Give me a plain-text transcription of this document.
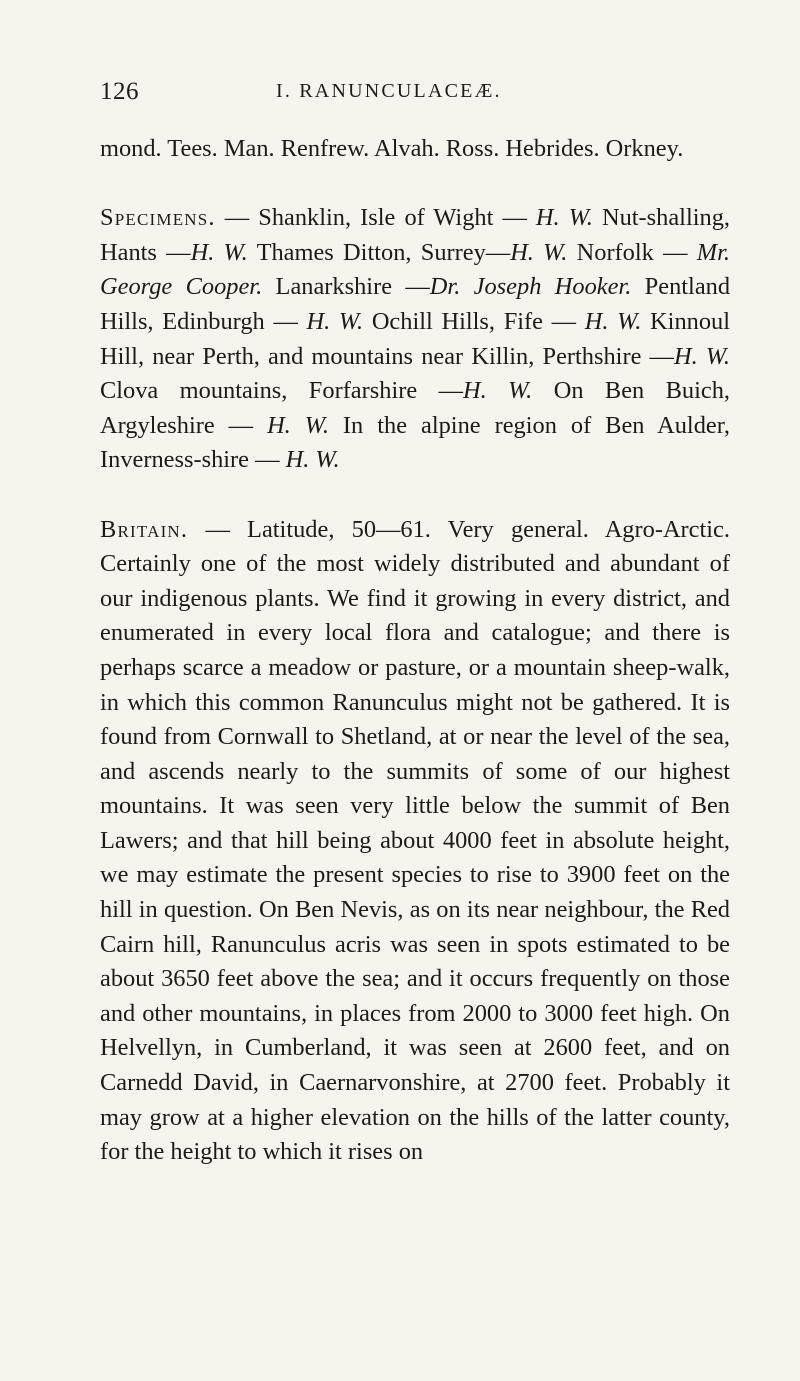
126	I. RANUNCULACEÆ.

mond. Tees. Man. Renfrew. Alvah. Ross. Hebrides. Orkney.

Specimens. — Shanklin, Isle of Wight — H. W. Nut-shalling, Hants —H. W. Thames Ditton, Surrey—H. W. Norfolk — Mr. George Cooper. Lanarkshire —Dr. Joseph Hooker. Pentland Hills, Edinburgh — H. W. Ochill Hills, Fife — H. W. Kinnoul Hill, near Perth, and mountains near Killin, Perthshire —H. W. Clova mountains, Forfarshire —H. W. On Ben Buich, Argyleshire — H. W. In the alpine region of Ben Aulder, Inverness-shire — H. W.

Britain. — Latitude, 50—61. Very general. Agro-Arctic. Certainly one of the most widely distributed and abundant of our indigenous plants. We find it growing in every district, and enumerated in every local flora and catalogue; and there is perhaps scarce a meadow or pasture, or a mountain sheep-walk, in which this common Ranunculus might not be gathered. It is found from Cornwall to Shetland, at or near the level of the sea, and ascends nearly to the summits of some of our highest mountains. It was seen very little below the summit of Ben Lawers; and that hill being about 4000 feet in absolute height, we may estimate the present species to rise to 3900 feet on the hill in question. On Ben Nevis, as on its near neighbour, the Red Cairn hill, Ranunculus acris was seen in spots estimated to be about 3650 feet above the sea; and it occurs frequently on those and other mountains, in places from 2000 to 3000 feet high. On Helvellyn, in Cumberland, it was seen at 2600 feet, and on Carnedd David, in Caernarvonshire, at 2700 feet. Probably it may grow at a higher elevation on the hills of the latter county, for the height to which it rises on
